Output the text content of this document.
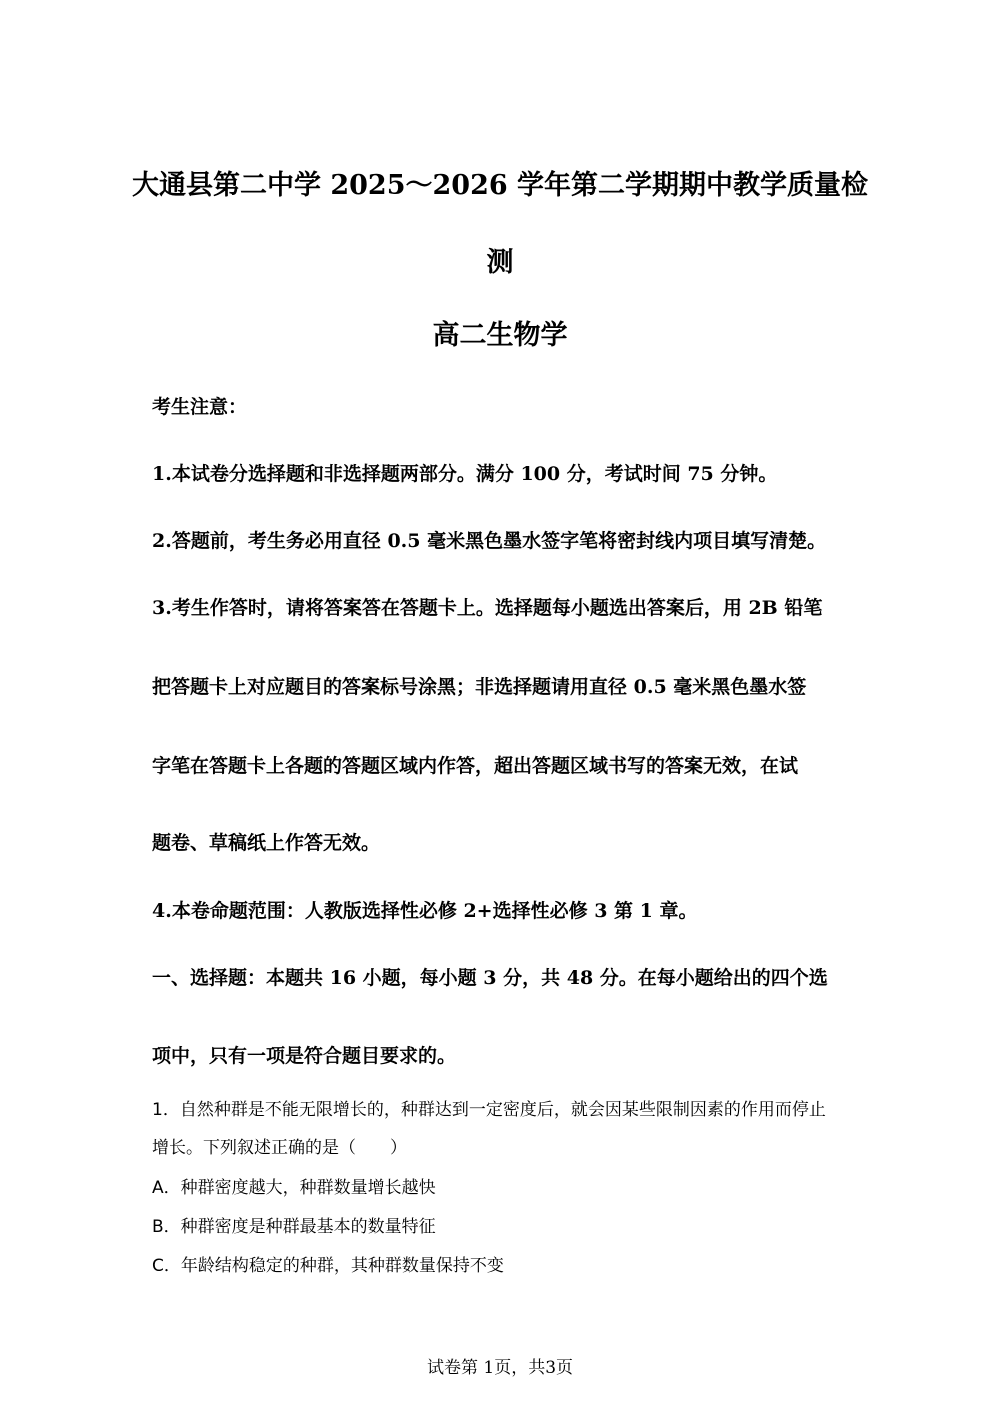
大通县第二中学 2025～2026 学年第二学期期中教学质量检
测
高二生物学
考生注意：
1.本试卷分选择题和非选择题两部分。满分 100 分，考试时间 75 分钟。
2.答题前，考生务必用直径 0.5 毫米黑色墨水签字笔将密封线内项目填写清楚。
3.考生作答时，请将答案答在答题卡上。选择题每小题选出答案后，用 2B 铅笔
把答题卡上对应题目的答案标号涂黑；非选择题请用直径 0.5 毫米黑色墨水签
字笔在答题卡上各题的答题区域内作答，超出答题区域书写的答案无效，在试
题卷、草稿纸上作答无效。
4.本卷命题范围：人教版选择性必修 2+选择性必修 3 第 1 章。
一、选择题：本题共 16 小题，每小题 3 分，共 48 分。在每小题给出的四个选
项中，只有一项是符合题目要求的。
1．自然种群是不能无限增长的，种群达到一定密度后，就会因某些限制因素的作用而停止
增长。下列叙述正确的是（　　）
A．种群密度越大，种群数量增长越快
B．种群密度是种群最基本的数量特征
C．年龄结构稳定的种群，其种群数量保持不变
试卷第 1页，共3页
